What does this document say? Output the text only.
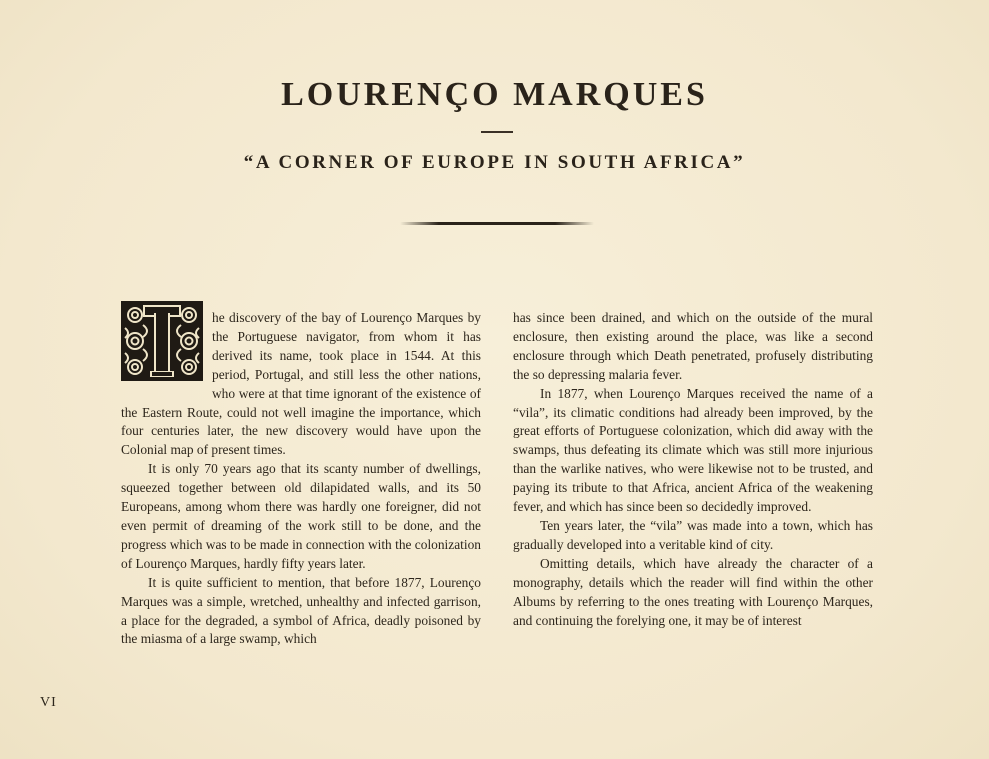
LOURENÇO MARQUES
“A CORNER OF EUROPE IN SOUTH AFRICA”

he discovery of the bay of Lourenço Marques by the Portuguese navigator, from whom it has derived its name, took place in 1544. At this period, Portugal, and still less the other nations, who were at that time ignorant of the existence of the Eastern Route, could not well imagine the importance, which four centuries later, the new discovery would have upon the Colonial map of present times.

It is only 70 years ago that its scanty number of dwellings, squeezed together between old dilapidated walls, and its 50 Europeans, among whom there was hardly one foreigner, did not even permit of dreaming of the work still to be done, and the progress which was to be made in connection with the colonization of Lourenço Marques, hardly fifty years later.

It is quite sufficient to mention, that before 1877, Lourenço Marques was a simple, wretched, unhealthy and infected garrison, a place for the degraded, a symbol of Africa, deadly poisoned by the miasma of a large swamp, which

has since been drained, and which on the outside of the mural enclosure, then existing around the place, was like a second enclosure through which Death penetrated, profusely distributing the so depressing malaria fever.

In 1877, when Lourenço Marques received the name of a “vila”, its climatic conditions had already been improved, by the great efforts of Portuguese colonization, which did away with the swamps, thus defeating its climate which was still more injurious than the warlike natives, who were likewise not to be trusted, and paying its tribute to that Africa, ancient Africa of the weakening fever, and which has since been so decidedly improved.

Ten years later, the “vila” was made into a town, which has gradually developed into a veritable kind of city.

Omitting details, which have already the character of a monography, details which the reader will find within the other Albums by referring to the ones treating with Lourenço Marques, and continuing the forelying one, it may be of interest

VI
